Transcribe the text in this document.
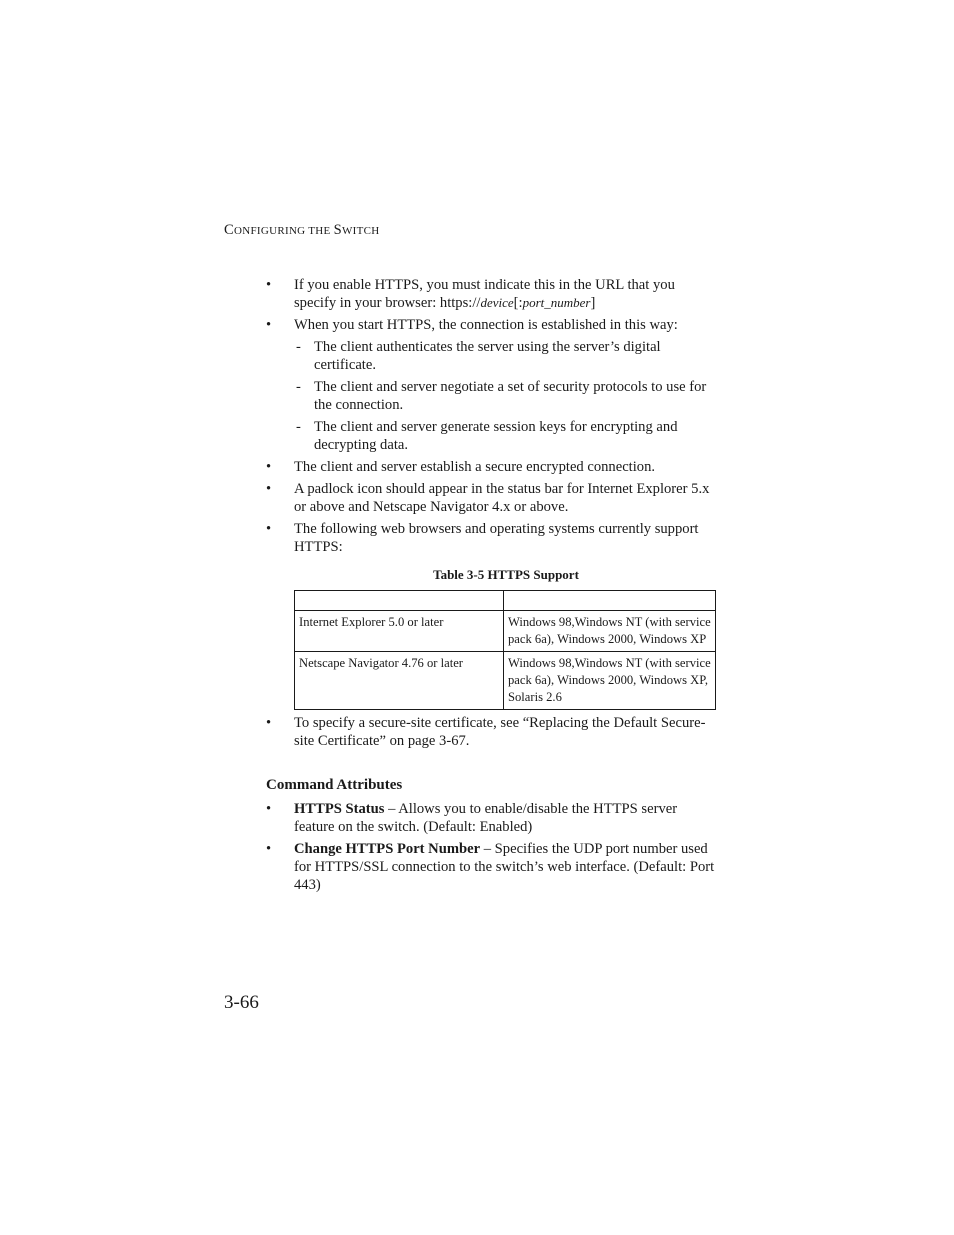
CONFIGURING THE SWITCH
• If you enable HTTPS, you must indicate this in the URL that you specify in your browser: https://device[:port_number]
• When you start HTTPS, the connection is established in this way:
- The client authenticates the server using the server’s digital certificate.
- The client and server negotiate a set of security protocols to use for the connection.
- The client and server generate session keys for encrypting and decrypting data.
• The client and server establish a secure encrypted connection.
• A padlock icon should appear in the status bar for Internet Explorer 5.x or above and Netscape Navigator 4.x or above.
• The following web browsers and operating systems currently support HTTPS:
Table 3-5 HTTPS Support

Internet Explorer 5.0 or later	Windows 98,Windows NT (with service pack 6a), Windows 2000, Windows XP
Netscape Navigator 4.76 or later	Windows 98,Windows NT (with service pack 6a), Windows 2000, Windows XP, Solaris 2.6
• To specify a secure-site certificate, see “Replacing the Default Secure-site Certificate” on page 3-67.
Command Attributes
• HTTPS Status – Allows you to enable/disable the HTTPS server feature on the switch. (Default: Enabled)
• Change HTTPS Port Number – Specifies the UDP port number used for HTTPS/SSL connection to the switch’s web interface. (Default: Port 443)
3-66
